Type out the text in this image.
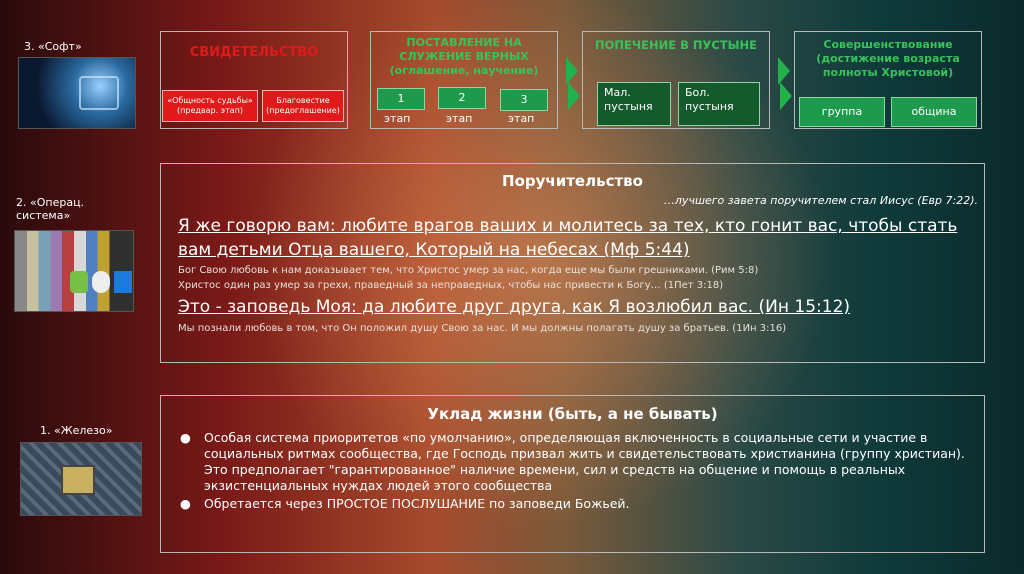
3. «Софт»
2. «Операц. система»
1. «Железо»
СВИДЕТЕЛЬСТВО
«Общность судьбы» (предвар. этап)
Благовестие (предоглашение)
ПОСТАВЛЕНИЕ НА СЛУЖЕНИЕ ВЕРНЫХ (оглашение, научение)
1	2	3
этап	этап	этап
ПОПЕЧЕНИЕ В ПУСТЫНЕ
Мал. пустыня
Бол. пустыня
Совершенствование (достижение возраста полноты Христовой)
группа	община
Поручительство
…лучшего завета поручителем стал Иисус (Евр 7:22).
Я же говорю вам: любите врагов ваших и молитесь за тех, кто гонит вас, чтобы стать вам детьми Отца вашего, Который на небесах (Мф 5:44)
Бог Свою любовь к нам доказывает тем, что Христос умер за нас, когда еще мы были грешниками. (Рим 5:8)
Христос один раз умер за грехи, праведный за неправедных, чтобы нас привести к Богу… (1Пет 3:18)
Это - заповедь Моя: да любите друг друга, как Я возлюбил вас. (Ин 15:12)
Мы познали любовь в том, что Он положил душу Свою за нас. И мы должны полагать душу за братьев. (1Ин 3:16)
Уклад жизни (быть, а не бывать)
●	Особая система приоритетов «по умолчанию», определяющая включенность в социальные сети и участие в социальных ритмах сообщества, где Господь призвал жить и свидетельствовать христианина (группу христиан). Это предполагает "гарантированное" наличие времени, сил и средств на общение и помощь в реальных экзистенциальных нуждах людей этого сообщества
●	Обретается через ПРОСТОЕ ПОСЛУШАНИЕ по заповеди Божьей.
